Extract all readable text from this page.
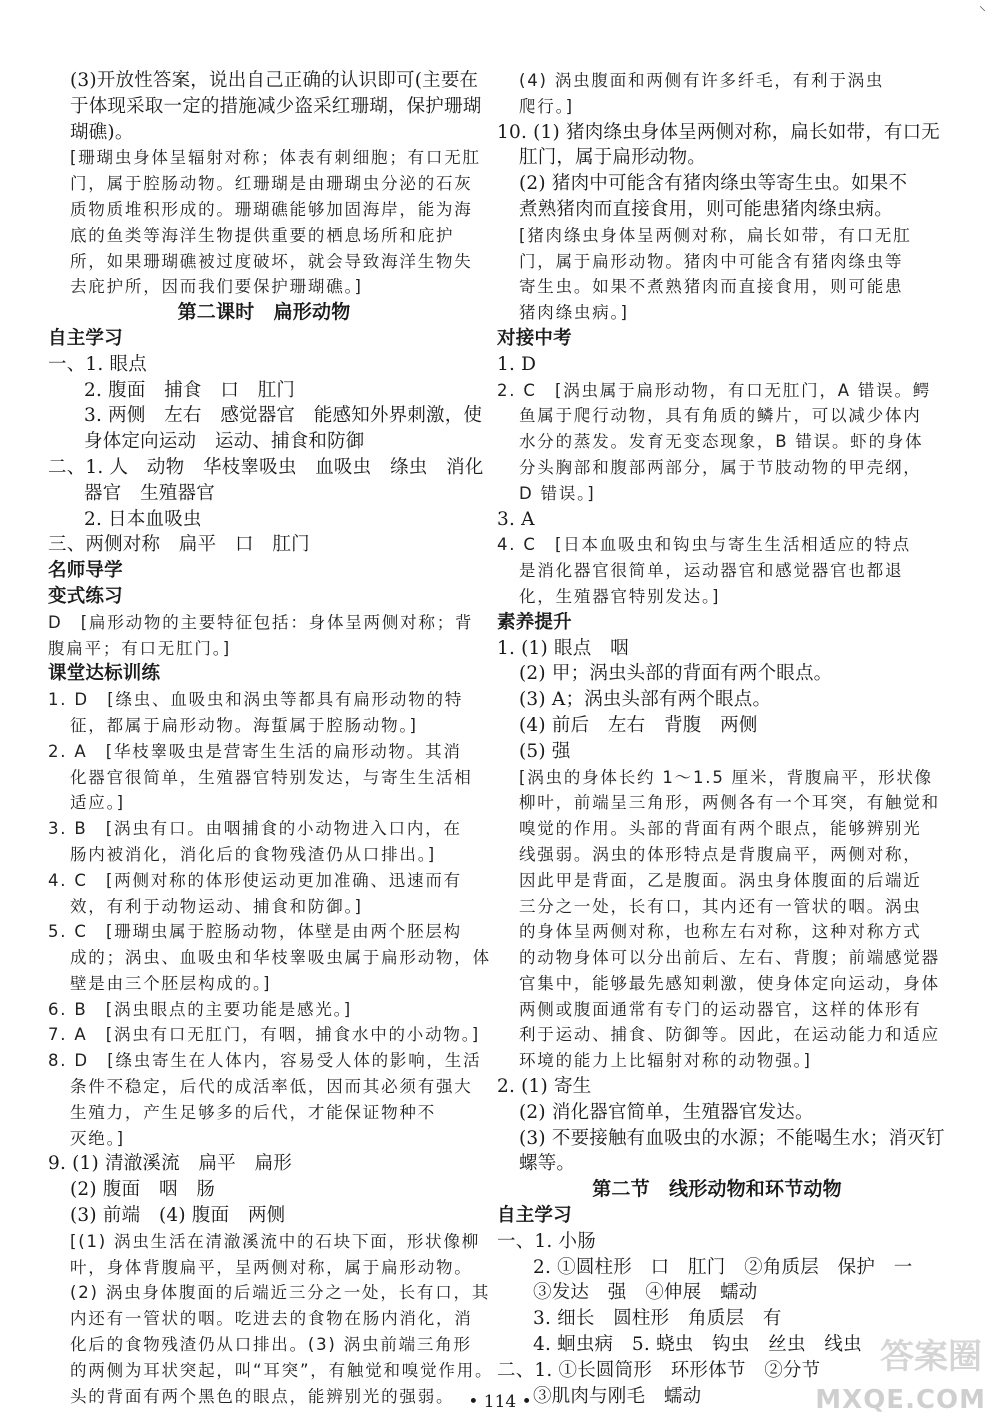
⸌
(3)开放性答案，说出自己正确的认识即可(主要在
于体现采取一定的措施减少盗采红珊瑚，保护珊瑚
瑚礁)。
[珊瑚虫身体呈辐射对称；体表有刺细胞；有口无肛
门，属于腔肠动物。红珊瑚是由珊瑚虫分泌的石灰
质物质堆积形成的。珊瑚礁能够加固海岸，能为海
底的鱼类等海洋生物提供重要的栖息场所和庇护
所，如果珊瑚礁被过度破坏，就会导致海洋生物失
去庇护所，因而我们要保护珊瑚礁。]
第二课时　扁形动物
自主学习
一、1. 眼点
2. 腹面　捕食　口　肛门
3. 两侧　左右　感觉器官　能感知外界刺激，使
身体定向运动　运动、捕食和防御
二、1. 人　动物　华枝睾吸虫　血吸虫　绦虫　消化
器官　生殖器官
2. 日本血吸虫
三、两侧对称　扁平　口　肛门
名师导学
变式练习
D　[扁形动物的主要特征包括：身体呈两侧对称；背
腹扁平；有口无肛门。]
课堂达标训练
1. D　[绦虫、血吸虫和涡虫等都具有扁形动物的特
征，都属于扁形动物。海蜇属于腔肠动物。]
2. A　[华枝睾吸虫是营寄生生活的扁形动物。其消
化器官很简单，生殖器官特别发达，与寄生生活相
适应。]
3. B　[涡虫有口。由咽捕食的小动物进入口内，在
肠内被消化，消化后的食物残渣仍从口排出。]
4. C　[两侧对称的体形使运动更加准确、迅速而有
效，有利于动物运动、捕食和防御。]
5. C　[珊瑚虫属于腔肠动物，体壁是由两个胚层构
成的；涡虫、血吸虫和华枝睾吸虫属于扁形动物，体
壁是由三个胚层构成的。]
6. B　[涡虫眼点的主要功能是感光。]
7. A　[涡虫有口无肛门，有咽，捕食水中的小动物。]
8. D　[绦虫寄生在人体内，容易受人体的影响，生活
条件不稳定，后代的成活率低，因而其必须有强大
生殖力，产生足够多的后代，才能保证物种不
灭绝。]
9. (1) 清澈溪流　扁平　扁形
(2) 腹面　咽　肠
(3) 前端　(4) 腹面　两侧
[(1) 涡虫生活在清澈溪流中的石块下面，形状像柳
叶，身体背腹扁平，呈两侧对称，属于扁形动物。
(2) 涡虫身体腹面的后端近三分之一处，长有口，其
内还有一管状的咽。吃进去的食物在肠内消化，消
化后的食物残渣仍从口排出。(3) 涡虫前端三角形
的两侧为耳状突起，叫“耳突”，有触觉和嗅觉作用。
头的背面有两个黑色的眼点，能辨别光的强弱。
(4) 涡虫腹面和两侧有许多纤毛，有利于涡虫
爬行。]
10. (1) 猪肉绦虫身体呈两侧对称，扁长如带，有口无
肛门，属于扁形动物。
(2) 猪肉中可能含有猪肉绦虫等寄生虫。如果不
煮熟猪肉而直接食用，则可能患猪肉绦虫病。
[猪肉绦虫身体呈两侧对称，扁长如带，有口无肛
门，属于扁形动物。猪肉中可能含有猪肉绦虫等
寄生虫。如果不煮熟猪肉而直接食用，则可能患
猪肉绦虫病。]
对接中考
1. D
2. C　[涡虫属于扁形动物，有口无肛门，A 错误。鳄
鱼属于爬行动物，具有角质的鳞片，可以减少体内
水分的蒸发。发育无变态现象，B 错误。虾的身体
分头胸部和腹部两部分，属于节肢动物的甲壳纲，
D 错误。]
3. A
4. C　[日本血吸虫和钩虫与寄生生活相适应的特点
是消化器官很简单，运动器官和感觉器官也都退
化，生殖器官特别发达。]
素养提升
1. (1) 眼点　咽
(2) 甲；涡虫头部的背面有两个眼点。
(3) A；涡虫头部有两个眼点。
(4) 前后　左右　背腹　两侧
(5) 强
[涡虫的身体长约 1～1.5 厘米，背腹扁平，形状像
柳叶，前端呈三角形，两侧各有一个耳突，有触觉和
嗅觉的作用。头部的背面有两个眼点，能够辨别光
线强弱。涡虫的体形特点是背腹扁平，两侧对称，
因此甲是背面，乙是腹面。涡虫身体腹面的后端近
三分之一处，长有口，其内还有一管状的咽。涡虫
的身体呈两侧对称，也称左右对称，这种对称方式
的动物身体可以分出前后、左右、背腹；前端感觉器
官集中，能够最先感知刺激，使身体定向运动，身体
两侧或腹面通常有专门的运动器官，这样的体形有
利于运动、捕食、防御等。因此，在运动能力和适应
环境的能力上比辐射对称的动物强。]
2. (1) 寄生
(2) 消化器官简单，生殖器官发达。
(3) 不要接触有血吸虫的水源；不能喝生水；消灭钉
螺等。
第二节　线形动物和环节动物
自主学习
一、1. 小肠
2. ①圆柱形　口　肛门　②角质层　保护　一
③发达　强　④伸展　蠕动
3. 细长　圆柱形　角质层　有
4. 蛔虫病　5. 蛲虫　钩虫　丝虫　线虫
二、1. ①长圆筒形　环形体节　②分节
③肌肉与刚毛　蠕动
• 114 •
答案圈
MXQE.COM
